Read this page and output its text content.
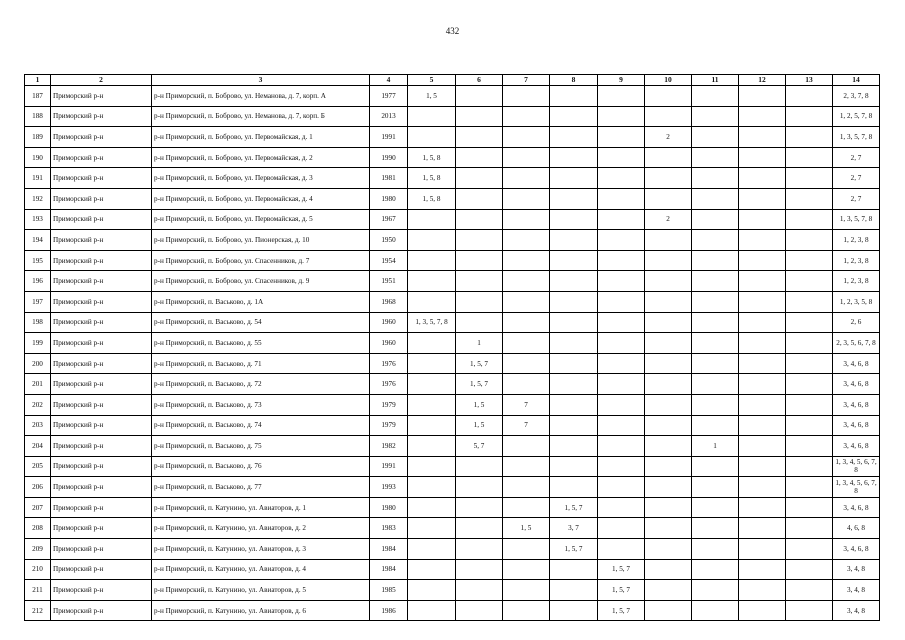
432
1	2	3	4	5	6	7	8	9	10	11	12	13	14
187	Приморский р-н	р-н Приморский, п. Боброво, ул. Неманова, д. 7, корп. А	1977	1, 5									2, 3, 7, 8
188	Приморский р-н	р-н Приморский, п. Боброво, ул. Неманова, д. 7, корп. Б	2013										1, 2, 5, 7, 8
189	Приморский р-н	р-н Приморский, п. Боброво, ул. Первомайская, д. 1	1991						2				1, 3, 5, 7, 8
190	Приморский р-н	р-н Приморский, п. Боброво, ул. Первомайская, д. 2	1990	1, 5, 8									2, 7
191	Приморский р-н	р-н Приморский, п. Боброво, ул. Первомайская, д. 3	1981	1, 5, 8									2, 7
192	Приморский р-н	р-н Приморский, п. Боброво, ул. Первомайская, д. 4	1980	1, 5, 8									2, 7
193	Приморский р-н	р-н Приморский, п. Боброво, ул. Первомайская, д. 5	1967						2				1, 3, 5, 7, 8
194	Приморский р-н	р-н Приморский, п. Боброво, ул. Пионерская, д. 10	1950										1, 2, 3, 8
195	Приморский р-н	р-н Приморский, п. Боброво, ул. Спасенников, д. 7	1954										1, 2, 3, 8
196	Приморский р-н	р-н Приморский, п. Боброво, ул. Спасенников, д. 9	1951										1, 2, 3, 8
197	Приморский р-н	р-н Приморский, п. Васьково, д. 1А	1968										1, 2, 3, 5, 8
198	Приморский р-н	р-н Приморский, п. Васьково, д. 54	1960	1, 3, 5, 7, 8									2, 6
199	Приморский р-н	р-н Приморский, п. Васьково, д. 55	1960		1								2, 3, 5, 6, 7, 8
200	Приморский р-н	р-н Приморский, п. Васьково, д. 71	1976		1, 5, 7								3, 4, 6, 8
201	Приморский р-н	р-н Приморский, п. Васьково, д. 72	1976		1, 5, 7								3, 4, 6, 8
202	Приморский р-н	р-н Приморский, п. Васьково, д. 73	1979		1, 5	7							3, 4, 6, 8
203	Приморский р-н	р-н Приморский, п. Васьково, д. 74	1979		1, 5	7							3, 4, 6, 8
204	Приморский р-н	р-н Приморский, п. Васьково, д. 75	1982		5, 7					1			3, 4, 6, 8
205	Приморский р-н	р-н Приморский, п. Васьково, д. 76	1991										1, 3, 4, 5, 6, 7, 8
206	Приморский р-н	р-н Приморский, п. Васьково, д. 77	1993										1, 3, 4, 5, 6, 7, 8
207	Приморский р-н	р-н Приморский, п. Катунино, ул. Авиаторов, д. 1	1980				1, 5, 7						3, 4, 6, 8
208	Приморский р-н	р-н Приморский, п. Катунино, ул. Авиаторов, д. 2	1983			1, 5	3, 7						4, 6, 8
209	Приморский р-н	р-н Приморский, п. Катунино, ул. Авиаторов, д. 3	1984				1, 5, 7						3, 4, 6, 8
210	Приморский р-н	р-н Приморский, п. Катунино, ул. Авиаторов, д. 4	1984					1, 5, 7					3, 4, 8
211	Приморский р-н	р-н Приморский, п. Катунино, ул. Авиаторов, д. 5	1985					1, 5, 7					3, 4, 8
212	Приморский р-н	р-н Приморский, п. Катунино, ул. Авиаторов, д. 6	1986					1, 5, 7					3, 4, 8
